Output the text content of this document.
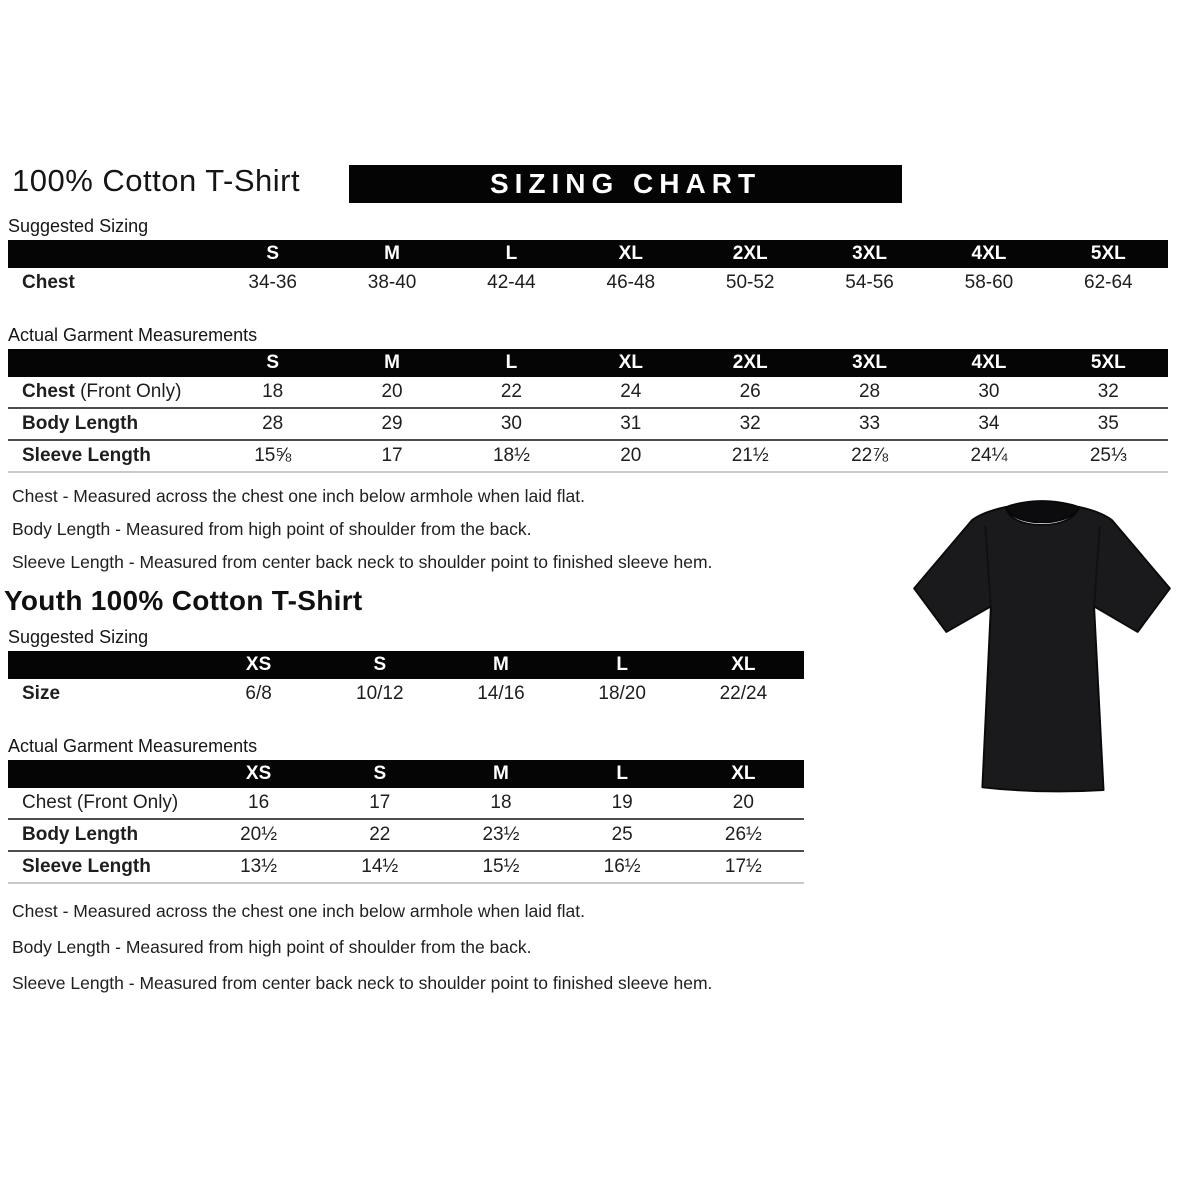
100% Cotton T-Shirt	SIZING CHART

Suggested Sizing

	S	M	L	XL	2XL	3XL	4XL	5XL
Chest	34-36	38-40	42-44	46-48	50-52	54-56	58-60	62-64

Actual Garment Measurements

	S	M	L	XL	2XL	3XL	4XL	5XL
Chest (Front Only)	18	20	22	24	26	28	30	32
Body Length	28	29	30	31	32	33	34	35
Sleeve Length	15⅝	17	18½	20	21½	22⅞	24¼	25⅓

Chest - Measured across the chest one inch below armhole when laid flat.

Body Length - Measured from high point of shoulder from the back.

Sleeve Length - Measured from center back neck to shoulder point to finished sleeve hem.

Youth 100% Cotton T-Shirt

Suggested Sizing

	XS	S	M	L	XL
Size	6/8	10/12	14/16	18/20	22/24

Actual Garment Measurements

	XS	S	M	L	XL
Chest (Front Only)	16	17	18	19	20
Body Length	20½	22	23½	25	26½
Sleeve Length	13½	14½	15½	16½	17½

Chest - Measured across the chest one inch below armhole when laid flat.

Body Length - Measured from high point of shoulder from the back.

Sleeve Length - Measured from center back neck to shoulder point to finished sleeve hem.
